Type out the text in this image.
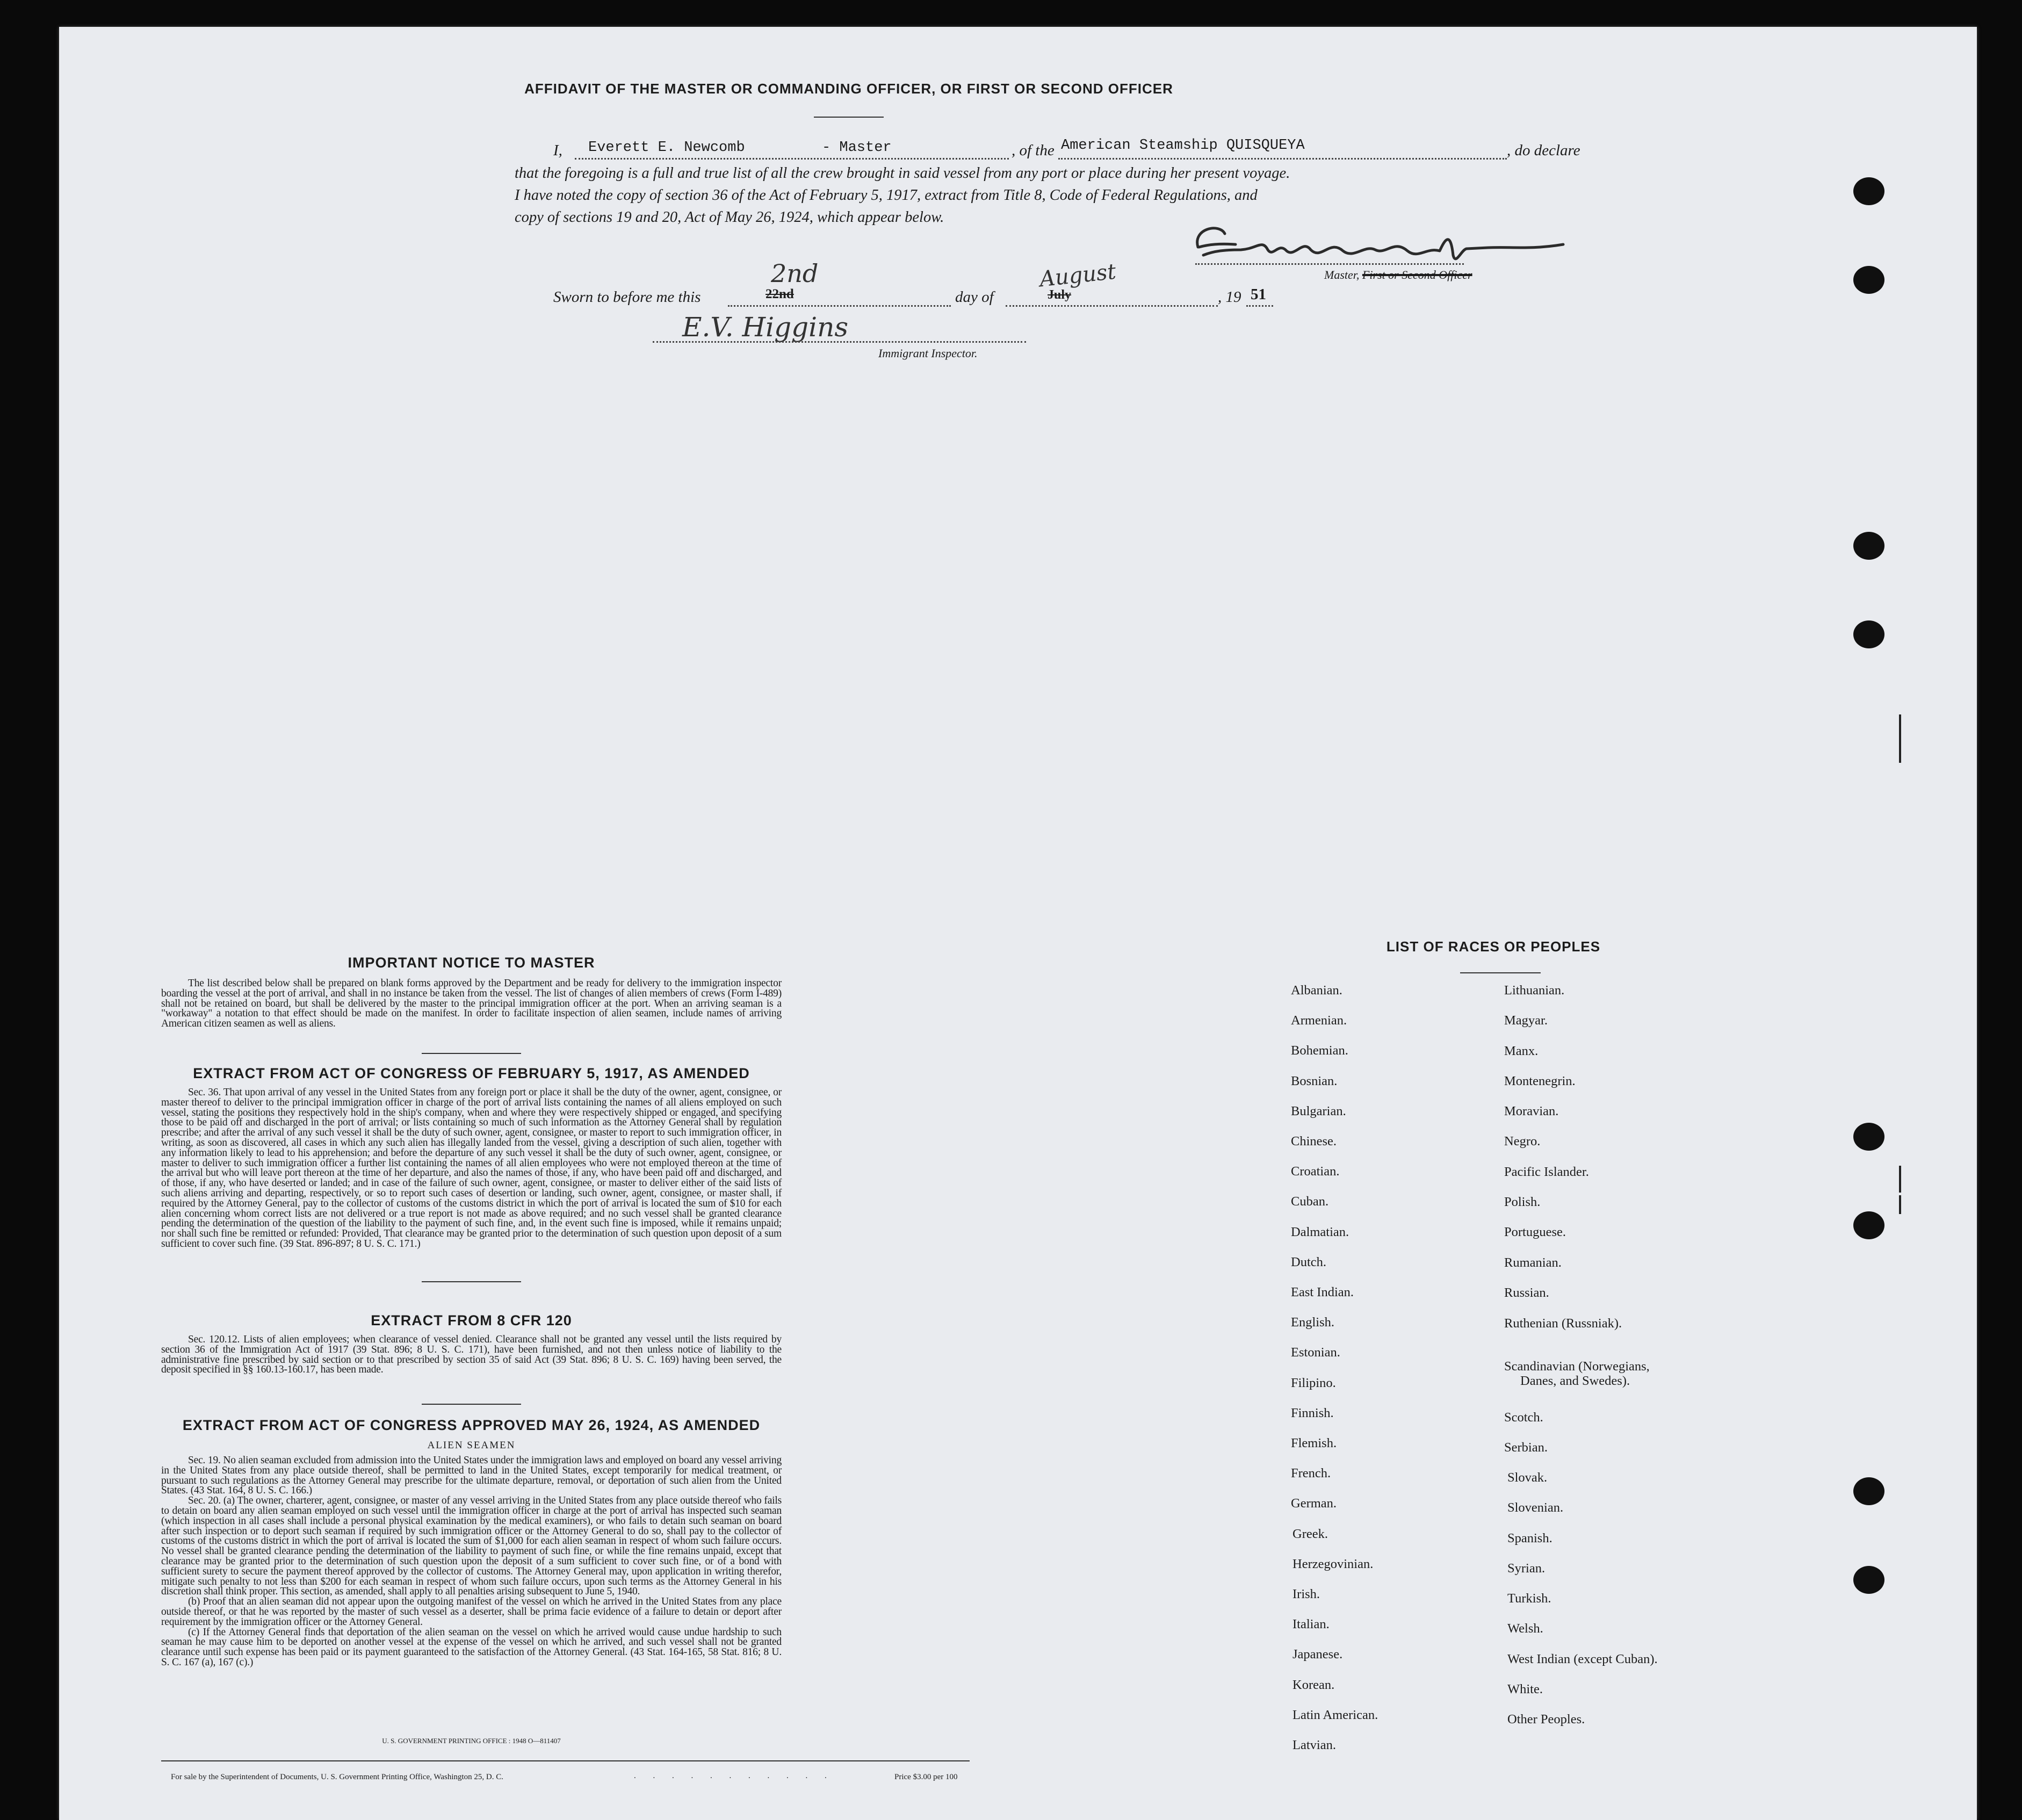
AFFIDAVIT OF THE MASTER OR COMMANDING OFFICER, OR FIRST OR SECOND OFFICER
I, Everett E. Newcomb	- Master	, of the American Steamship QUISQUEYA	, do declare
that the foregoing is a full and true list of all the crew brought in said vessel from any port or place during her present voyage.
I have noted the copy of section 36 of the Act of February 5, 1917, extract from Title 8, Code of Federal Regulations, and
copy of sections 19 and 20, Act of May 26, 1924, which appear below.
Master, First or Second Officer
Sworn to before me this	22nd
2nd
day of	July
August
, 19 51
E.V. Higgins
Immigrant Inspector.
IMPORTANT NOTICE TO MASTER

The list described below shall be prepared on blank forms approved by the Department and be ready for delivery to the immigration inspector boarding the vessel at the port of arrival, and shall in no instance be taken from the vessel. The list of changes of alien members of crews (Form I-489) shall not be retained on board, but shall be delivered by the master to the principal immigration officer at the port. When an arriving seaman is a "workaway" a notation to that effect should be made on the manifest. In order to facilitate inspection of alien seamen, include names of arriving American citizen seamen as well as aliens.

EXTRACT FROM ACT OF CONGRESS OF FEBRUARY 5, 1917, AS AMENDED

Sec. 36. That upon arrival of any vessel in the United States from any foreign port or place it shall be the duty of the owner, agent, consignee, or master thereof to deliver to the principal immigration officer in charge of the port of arrival lists containing the names of all aliens employed on such vessel, stating the positions they respectively hold in the ship's company, when and where they were respectively shipped or engaged, and specifying those to be paid off and discharged in the port of arrival; or lists containing so much of such information as the Attorney General shall by regulation prescribe; and after the arrival of any such vessel it shall be the duty of such owner, agent, consignee, or master to report to such immigration officer, in writing, as soon as discovered, all cases in which any such alien has illegally landed from the vessel, giving a description of such alien, together with any information likely to lead to his apprehension; and before the departure of any such vessel it shall be the duty of such owner, agent, consignee, or master to deliver to such immigration officer a further list containing the names of all alien employees who were not employed thereon at the time of the arrival but who will leave port thereon at the time of her departure, and also the names of those, if any, who have been paid off and discharged, and of those, if any, who have deserted or landed; and in case of the failure of such owner, agent, consignee, or master to deliver either of the said lists of such aliens arriving and departing, respectively, or so to report such cases of desertion or landing, such owner, agent, consignee, or master shall, if required by the Attorney General, pay to the collector of customs of the customs district in which the port of arrival is located the sum of $10 for each alien concerning whom correct lists are not delivered or a true report is not made as above required; and no such vessel shall be granted clearance pending the determination of the question of the liability to the payment of such fine, and, in the event such fine is imposed, while it remains unpaid; nor shall such fine be remitted or refunded: Provided, That clearance may be granted prior to the determination of such question upon deposit of a sum sufficient to cover such fine. (39 Stat. 896-897; 8 U. S. C. 171.)

EXTRACT FROM 8 CFR 120

Sec. 120.12. Lists of alien employees; when clearance of vessel denied. Clearance shall not be granted any vessel until the lists required by section 36 of the Immigration Act of 1917 (39 Stat. 896; 8 U. S. C. 171), have been furnished, and not then unless notice of liability to the administrative fine prescribed by said section or to that prescribed by section 35 of said Act (39 Stat. 896; 8 U. S. C. 169) having been served, the deposit specified in §§ 160.13-160.17, has been made.

EXTRACT FROM ACT OF CONGRESS APPROVED MAY 26, 1924, AS AMENDED
ALIEN SEAMEN

Sec. 19. No alien seaman excluded from admission into the United States under the immigration laws and employed on board any vessel arriving in the United States from any place outside thereof, shall be permitted to land in the United States, except temporarily for medical treatment, or pursuant to such regulations as the Attorney General may prescribe for the ultimate departure, removal, or deportation of such alien from the United States. (43 Stat. 164, 8 U. S. C. 166.)

Sec. 20. (a) The owner, charterer, agent, consignee, or master of any vessel arriving in the United States from any place outside thereof who fails to detain on board any alien seaman employed on such vessel until the immigration officer in charge at the port of arrival has inspected such seaman (which inspection in all cases shall include a personal physical examination by the medical examiners), or who fails to detain such seaman on board after such inspection or to deport such seaman if required by such immigration officer or the Attorney General to do so, shall pay to the collector of customs of the customs district in which the port of arrival is located the sum of $1,000 for each alien seaman in respect of whom such failure occurs. No vessel shall be granted clearance pending the determination of the liability to payment of such fine, or while the fine remains unpaid, except that clearance may be granted prior to the determination of such question upon the deposit of a sum sufficient to cover such fine, or of a bond with sufficient surety to secure the payment thereof approved by the collector of customs. The Attorney General may, upon application in writing therefor, mitigate such penalty to not less than $200 for each seaman in respect of whom such failure occurs, upon such terms as the Attorney General in his discretion shall think proper. This section, as amended, shall apply to all penalties arising subsequent to June 5, 1940.

(b) Proof that an alien seaman did not appear upon the outgoing manifest of the vessel on which he arrived in the United States from any place outside thereof, or that he was reported by the master of such vessel as a deserter, shall be prima facie evidence of a failure to detain or deport after requirement by the immigration officer or the Attorney General.

(c) If the Attorney General finds that deportation of the alien seaman on the vessel on which he arrived would cause undue hardship to such seaman he may cause him to be deported on another vessel at the expense of the vessel on which he arrived, and such vessel shall not be granted clearance until such expense has been paid or its payment guaranteed to the satisfaction of the Attorney General. (43 Stat. 164-165, 58 Stat. 816; 8 U. S. C. 167 (a), 167 (c).)

U. S. GOVERNMENT PRINTING OFFICE : 1948 O—811407
For sale by the Superintendent of Documents, U. S. Government Printing Office, Washington 25, D. C.	. . . . . . . . . . .	Price $3.00 per 100
LIST OF RACES OR PEOPLES
Albanian.
Armenian.
Bohemian.
Bosnian.
Bulgarian.
Chinese.
Croatian.
Cuban.
Dalmatian.
Dutch.
East Indian.
English.
Estonian.
Filipino.
Finnish.
Flemish.
French.
German.
Greek.
Herzegovinian.
Irish.
Italian.
Japanese.
Korean.
Latin American.
Latvian.
Lithuanian.
Magyar.
Manx.
Montenegrin.
Moravian.
Negro.
Pacific Islander.
Polish.
Portuguese.
Rumanian.
Russian.
Ruthenian (Russniak).
Scandinavian (Norwegians,
Danes, and Swedes).
Scotch.
Serbian.
Slovak.
Slovenian.
Spanish.
Syrian.
Turkish.
Welsh.
West Indian (except Cuban).
White.
Other Peoples.
